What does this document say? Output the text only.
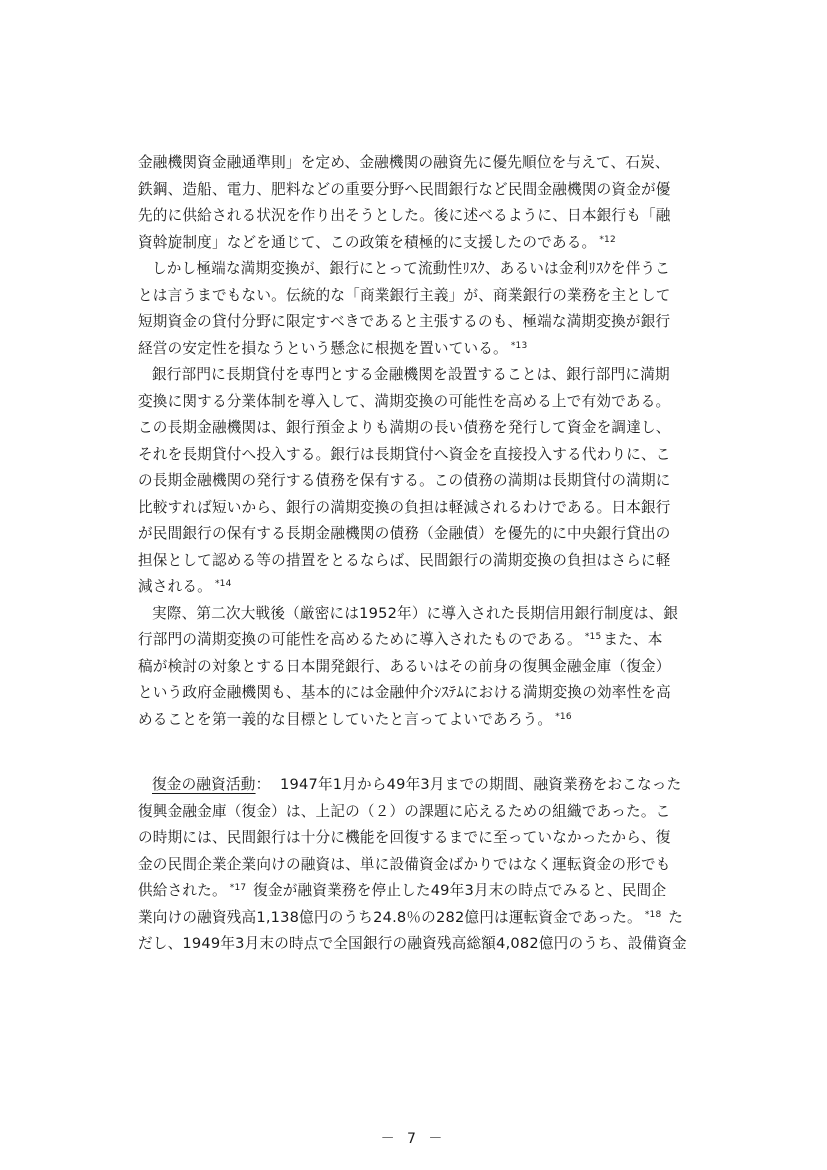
金融機関資金融通準則」を定め、金融機関の融資先に優先順位を与えて、石炭、
鉄鋼、造船、電力、肥料などの重要分野へ民間銀行など民間金融機関の資金が優
先的に供給される状況を作り出そうとした。後に述べるように、日本銀行も「融
資斡旋制度」などを通じて、この政策を積極的に支援したのである。 $^{*12}$
しかし極端な満期変換が、銀行にとって流動性ﾘｽｸ、あるいは金利ﾘｽｸを伴うこ
とは言うまでもない。伝統的な「商業銀行主義」が、商業銀行の業務を主として
短期資金の貸付分野に限定すべきであると主張するのも、極端な満期変換が銀行
経営の安定性を損なうという懸念に根拠を置いている。 $^{*13}$
銀行部門に長期貸付を専門とする金融機関を設置することは、銀行部門に満期
変換に関する分業体制を導入して、満期変換の可能性を高める上で有効である。
この長期金融機関は、銀行預金よりも満期の長い債務を発行して資金を調達し、
それを長期貸付へ投入する。銀行は長期貸付へ資金を直接投入する代わりに、こ
の長期金融機関の発行する債務を保有する。この債務の満期は長期貸付の満期に
比較すれば短いから、銀行の満期変換の負担は軽減されるわけである。日本銀行
が民間銀行の保有する長期金融機関の債務（金融債）を優先的に中央銀行貸出の
担保として認める等の措置をとるならば、民間銀行の満期変換の負担はさらに軽
減される。 $^{*14}$
実際、第二次大戦後（厳密には1952年）に導入された長期信用銀行制度は、銀
行部門の満期変換の可能性を高めるために導入されたものである。 $^{*15}$ また、本
稿が検討の対象とする日本開発銀行、あるいはその前身の復興金融金庫（復金）
という政府金融機関も、基本的には金融仲介ｼｽﾃﾑにおける満期変換の効率性を高
めることを第一義的な目標としていたと言ってよいであろう。 $^{*16}$
復金の融資活動： 1947年1月から49年3月までの期間、融資業務をおこなった
復興金融金庫（復金）は、上記の（２）の課題に応えるための組織であった。こ
の時期には、民間銀行は十分に機能を回復するまでに至っていなかったから、復
金の民間企業企業向けの融資は、単に設備資金ばかりではなく運転資金の形でも
供給された。 $^{*17}$ 復金が融資業務を停止した49年3月末の時点でみると、民間企
業向けの融資残高1,138億円のうち24.8％の282億円は運転資金であった。 $^{*18}$ た
だし、1949年3月末の時点で全国銀行の融資残高総額4,082億円のうち、設備資金
－ 7 －
